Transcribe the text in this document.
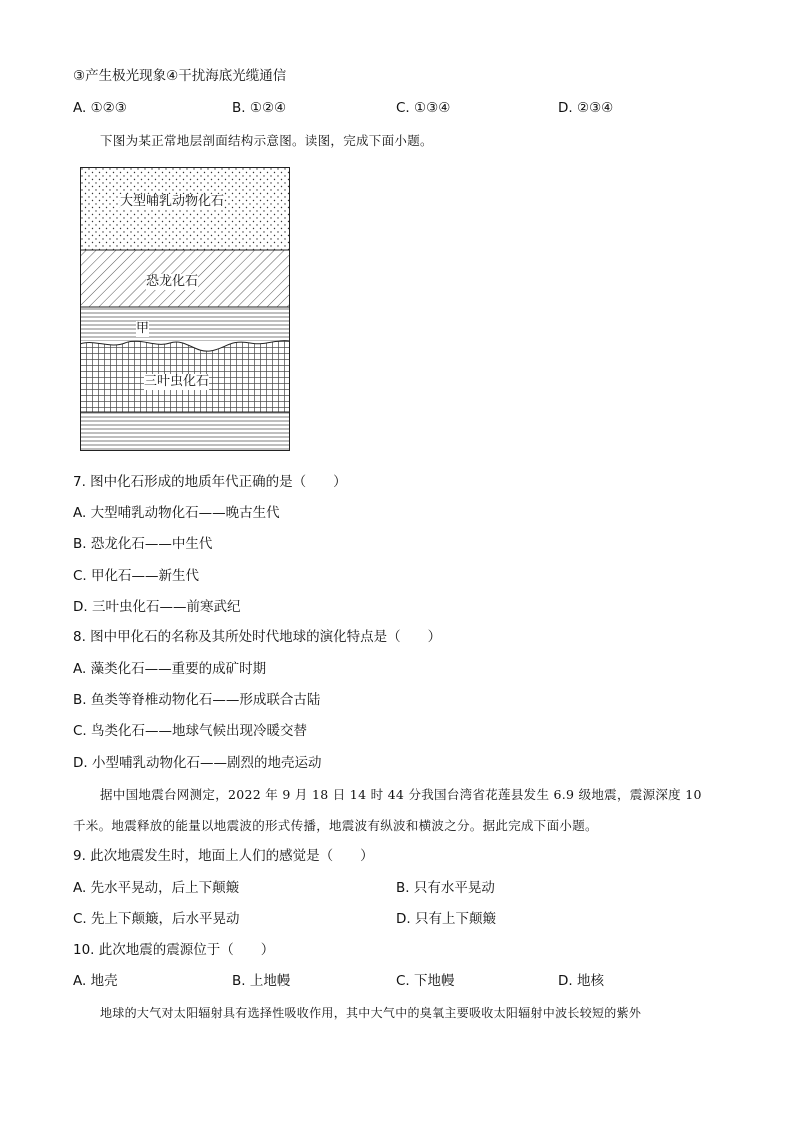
③产生极光现象④干扰海底光缆通信
A. ①②③	B. ①②④	C. ①③④	D. ②③④
下图为某正常地层剖面结构示意图。读图，完成下面小题。
大型哺乳动物化石
恐龙化石
甲
三叶虫化石
7. 图中化石形成的地质年代正确的是（　　）
A. 大型哺乳动物化石——晚古生代
B. 恐龙化石——中生代
C. 甲化石——新生代
D. 三叶虫化石——前寒武纪
8. 图中甲化石的名称及其所处时代地球的演化特点是（　　）
A. 藻类化石——重要的成矿时期
B. 鱼类等脊椎动物化石——形成联合古陆
C. 鸟类化石——地球气候出现冷暖交替
D. 小型哺乳动物化石——剧烈的地壳运动
据中国地震台网测定，2022 年 9 月 18 日 14 时 44 分我国台湾省花莲县发生 6.9 级地震，震源深度 10
千米。地震释放的能量以地震波的形式传播，地震波有纵波和横波之分。据此完成下面小题。
9. 此次地震发生时，地面上人们的感觉是（　　）
A. 先水平晃动，后上下颠簸	B. 只有水平晃动
C. 先上下颠簸，后水平晃动	D. 只有上下颠簸
10. 此次地震的震源位于（　　）
A. 地壳	B. 上地幔	C. 下地幔	D. 地核
地球的大气对太阳辐射具有选择性吸收作用，其中大气中的臭氧主要吸收太阳辐射中波长较短的紫外
